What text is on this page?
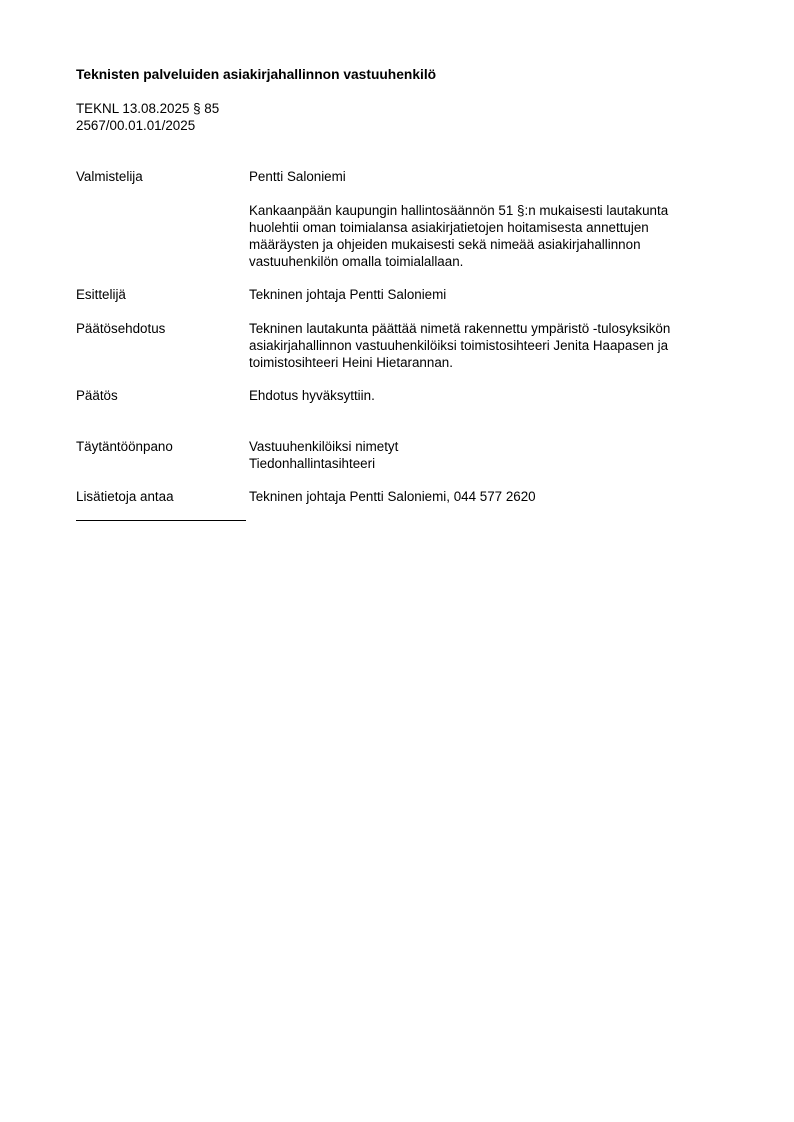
Teknisten palveluiden asiakirjahallinnon vastuuhenkilö
TEKNL 13.08.2025 § 85
2567/00.01.01/2025
Valmistelija	Pentti Saloniemi

Kankaanpään kaupungin hallintosäännön 51 §:n mukaisesti lautakunta

huolehtii oman toimialansa asiakirjatietojen hoitamisesta annettujen

määräysten ja ohjeiden mukaisesti sekä nimeää asiakirjahallinnon

vastuuhenkilön omalla toimialallaan.

Esittelijä	Tekninen johtaja Pentti Saloniemi
Päätösehdotus	Tekninen lautakunta päättää nimetä rakennettu ympäristö -tulosyksikön

asiakirjahallinnon vastuuhenkilöiksi toimistosihteeri Jenita Haapasen ja

toimistosihteeri Heini Hietarannan.

Päätös	Ehdotus hyväksyttiin.
Täytäntöönpano	Vastuuhenkilöiksi nimetyt

Tiedonhallintasihteeri

Lisätietoja antaa	Tekninen johtaja Pentti Saloniemi, 044 577 2620
